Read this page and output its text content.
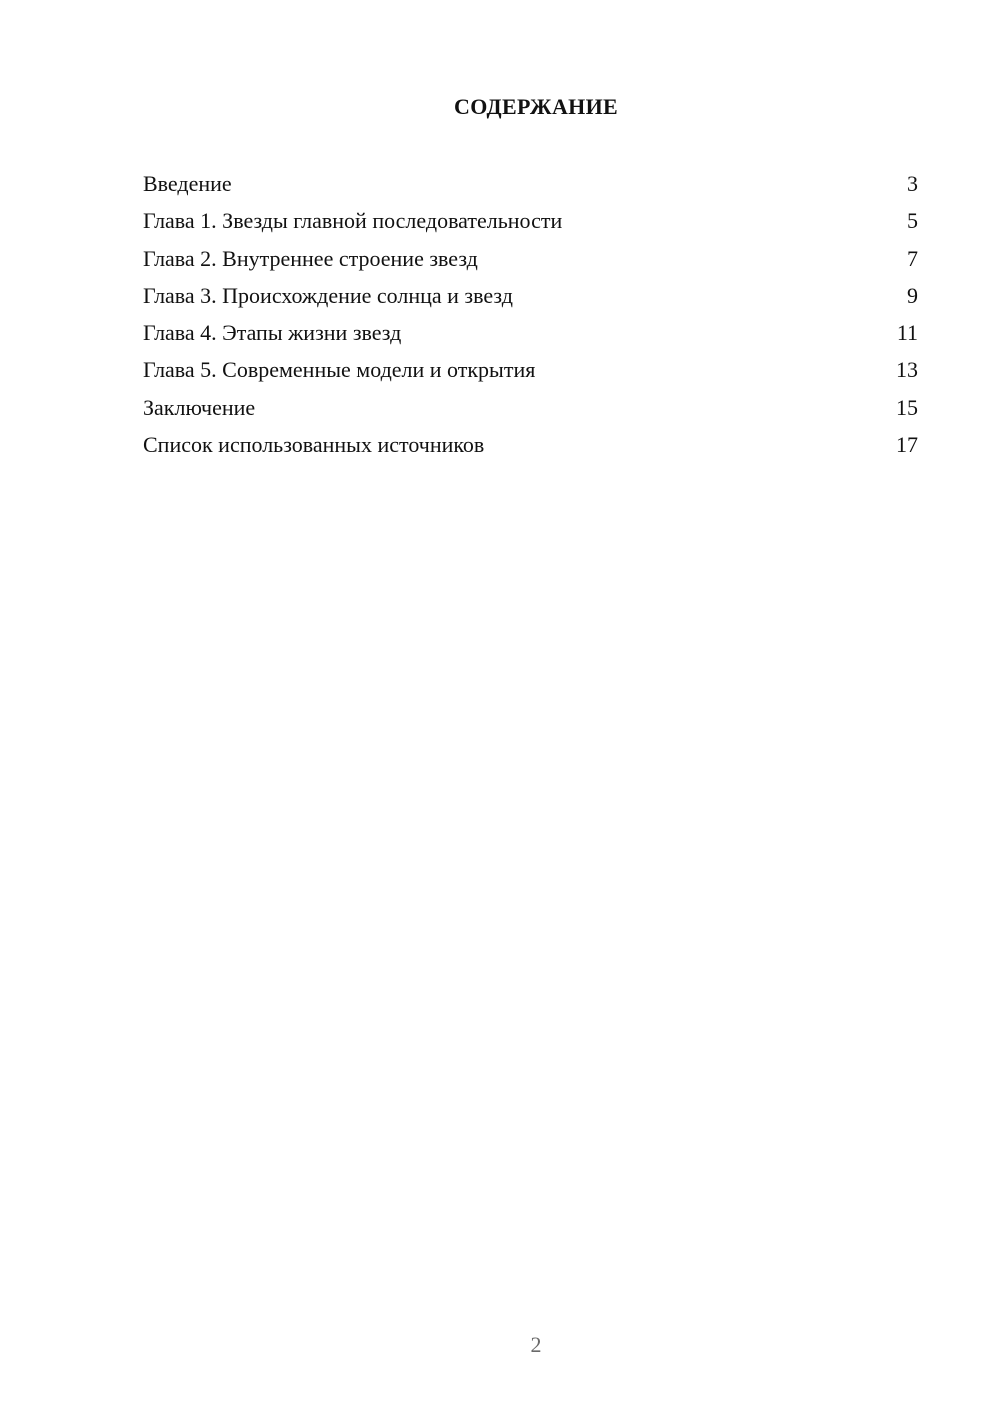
СОДЕРЖАНИЕ
Введение	3
Глава 1. Звезды главной последовательности	5
Глава 2. Внутреннее строение звезд	7
Глава 3. Происхождение солнца и звезд	9
Глава 4. Этапы жизни звезд	11
Глава 5. Современные модели и открытия	13
Заключение	15
Список использованных источников	17
2
